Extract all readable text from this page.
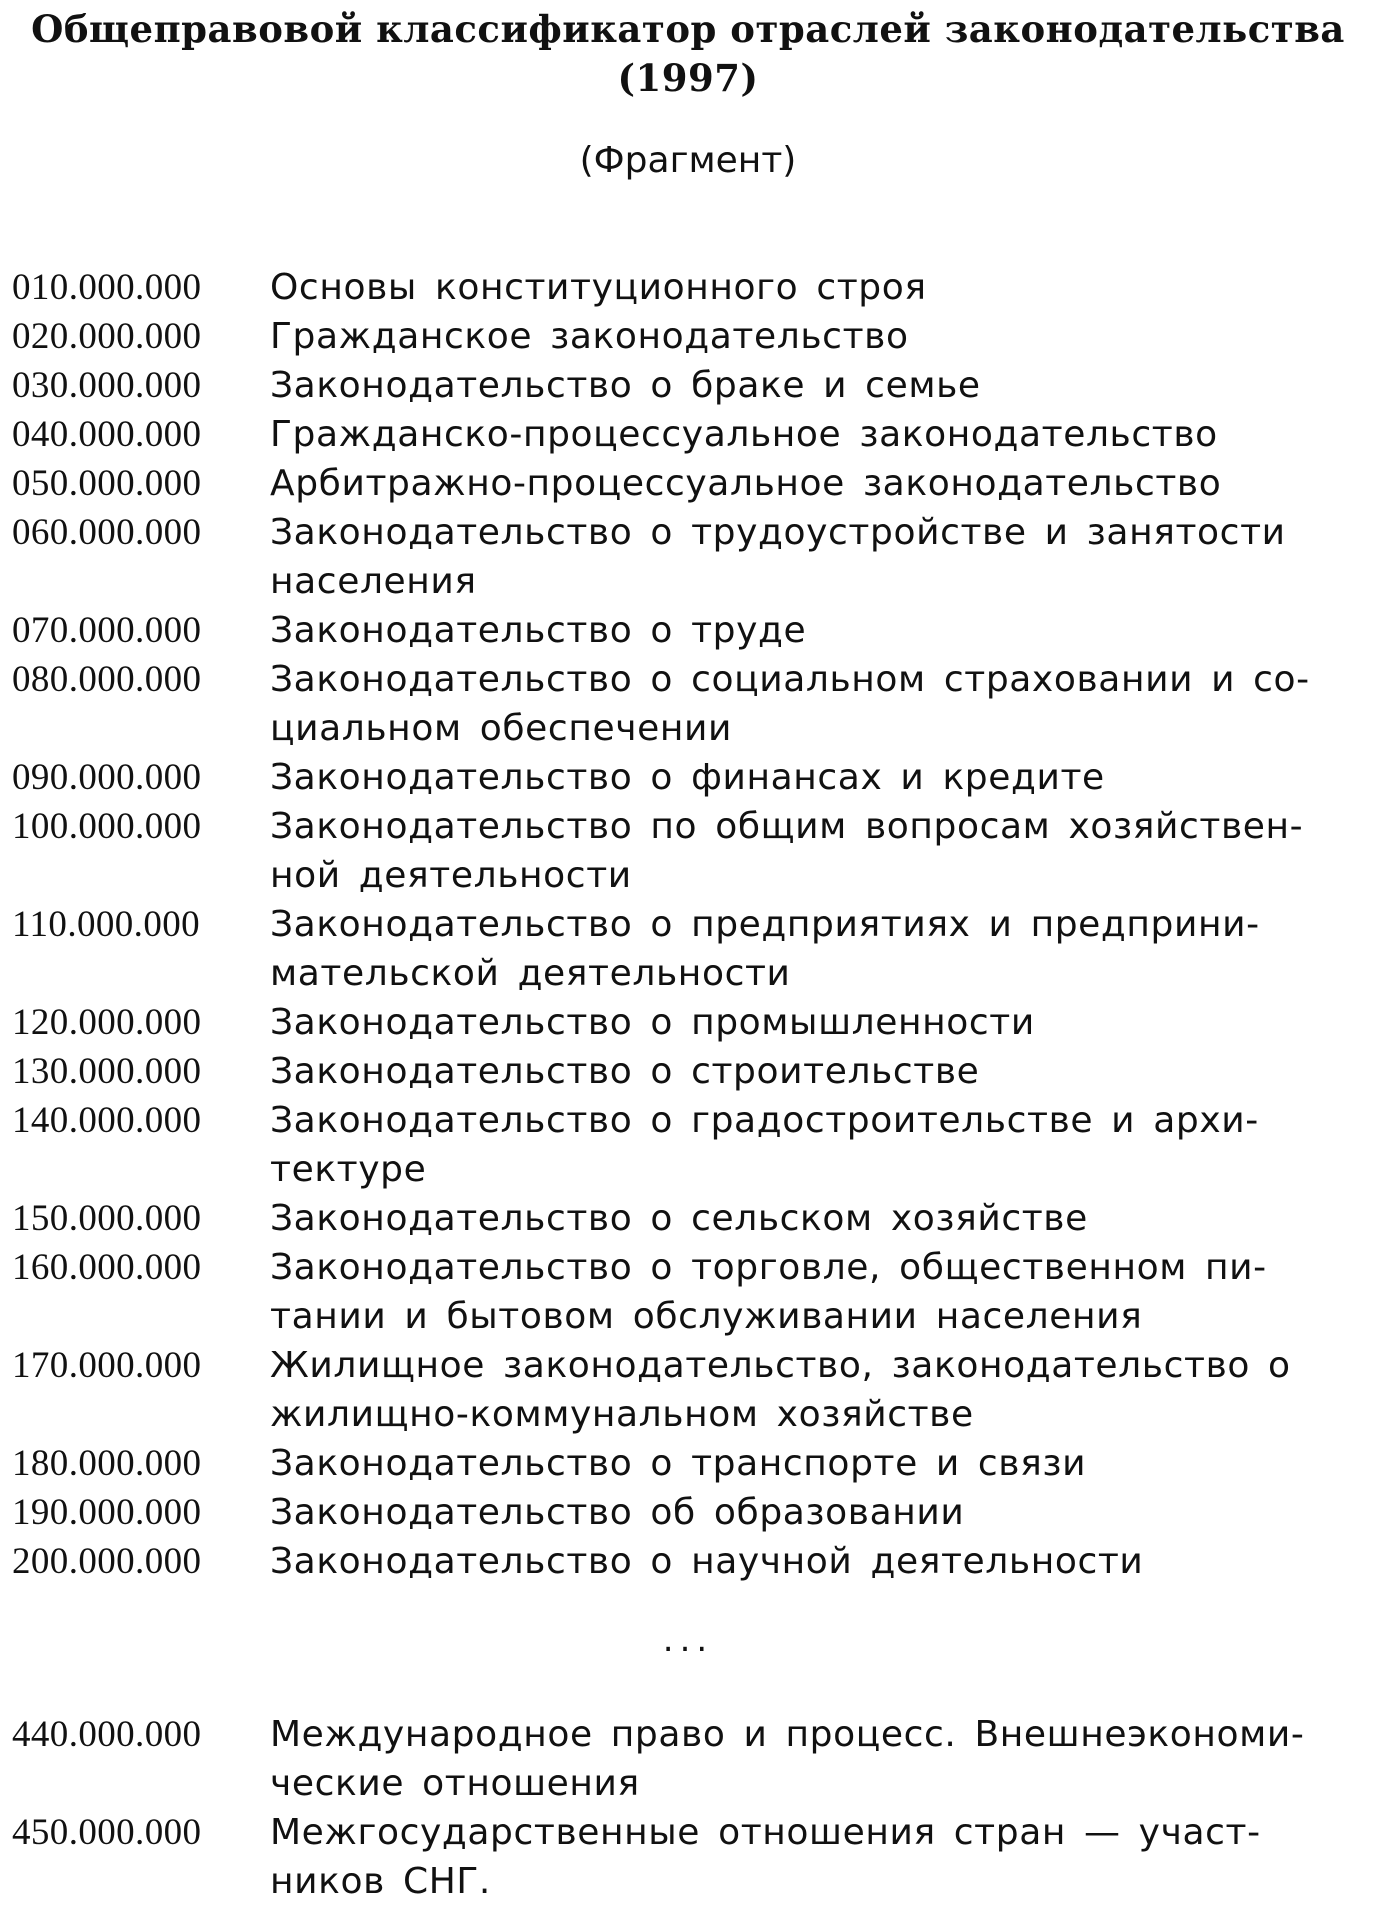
Общеправовой классификатор отраслей законодательства
(1997)
(Фрагмент)
010.000.000	Основы конституционного строя
020.000.000	Гражданское законодательство
030.000.000	Законодательство о браке и семье
040.000.000	Гражданско-процессуальное законодательство
050.000.000	Арбитражно-процессуальное законодательство
060.000.000	Законодательство о трудоустройстве и занятости
населения
070.000.000	Законодательство о труде
080.000.000	Законодательство о социальном страховании и со-
циальном обеспечении
090.000.000	Законодательство о финансах и кредите
100.000.000	Законодательство по общим вопросам хозяйствен-
ной деятельности
110.000.000	Законодательство о предприятиях и предприни-
мательской деятельности
120.000.000	Законодательство о промышленности
130.000.000	Законодательство о строительстве
140.000.000	Законодательство о градостроительстве и архи-
тектуре
150.000.000	Законодательство о сельском хозяйстве
160.000.000	Законодательство о торговле, общественном пи-
тании и бытовом обслуживании населения
170.000.000	Жилищное законодательство, законодательство о
жилищно-коммунальном хозяйстве
180.000.000	Законодательство о транспорте и связи
190.000.000	Законодательство об образовании
200.000.000	Законодательство о научной деятельности
...
440.000.000	Международное право и процесс. Внешнеэкономи-
ческие отношения
450.000.000	Межгосударственные отношения стран — участ-
ников СНГ.
